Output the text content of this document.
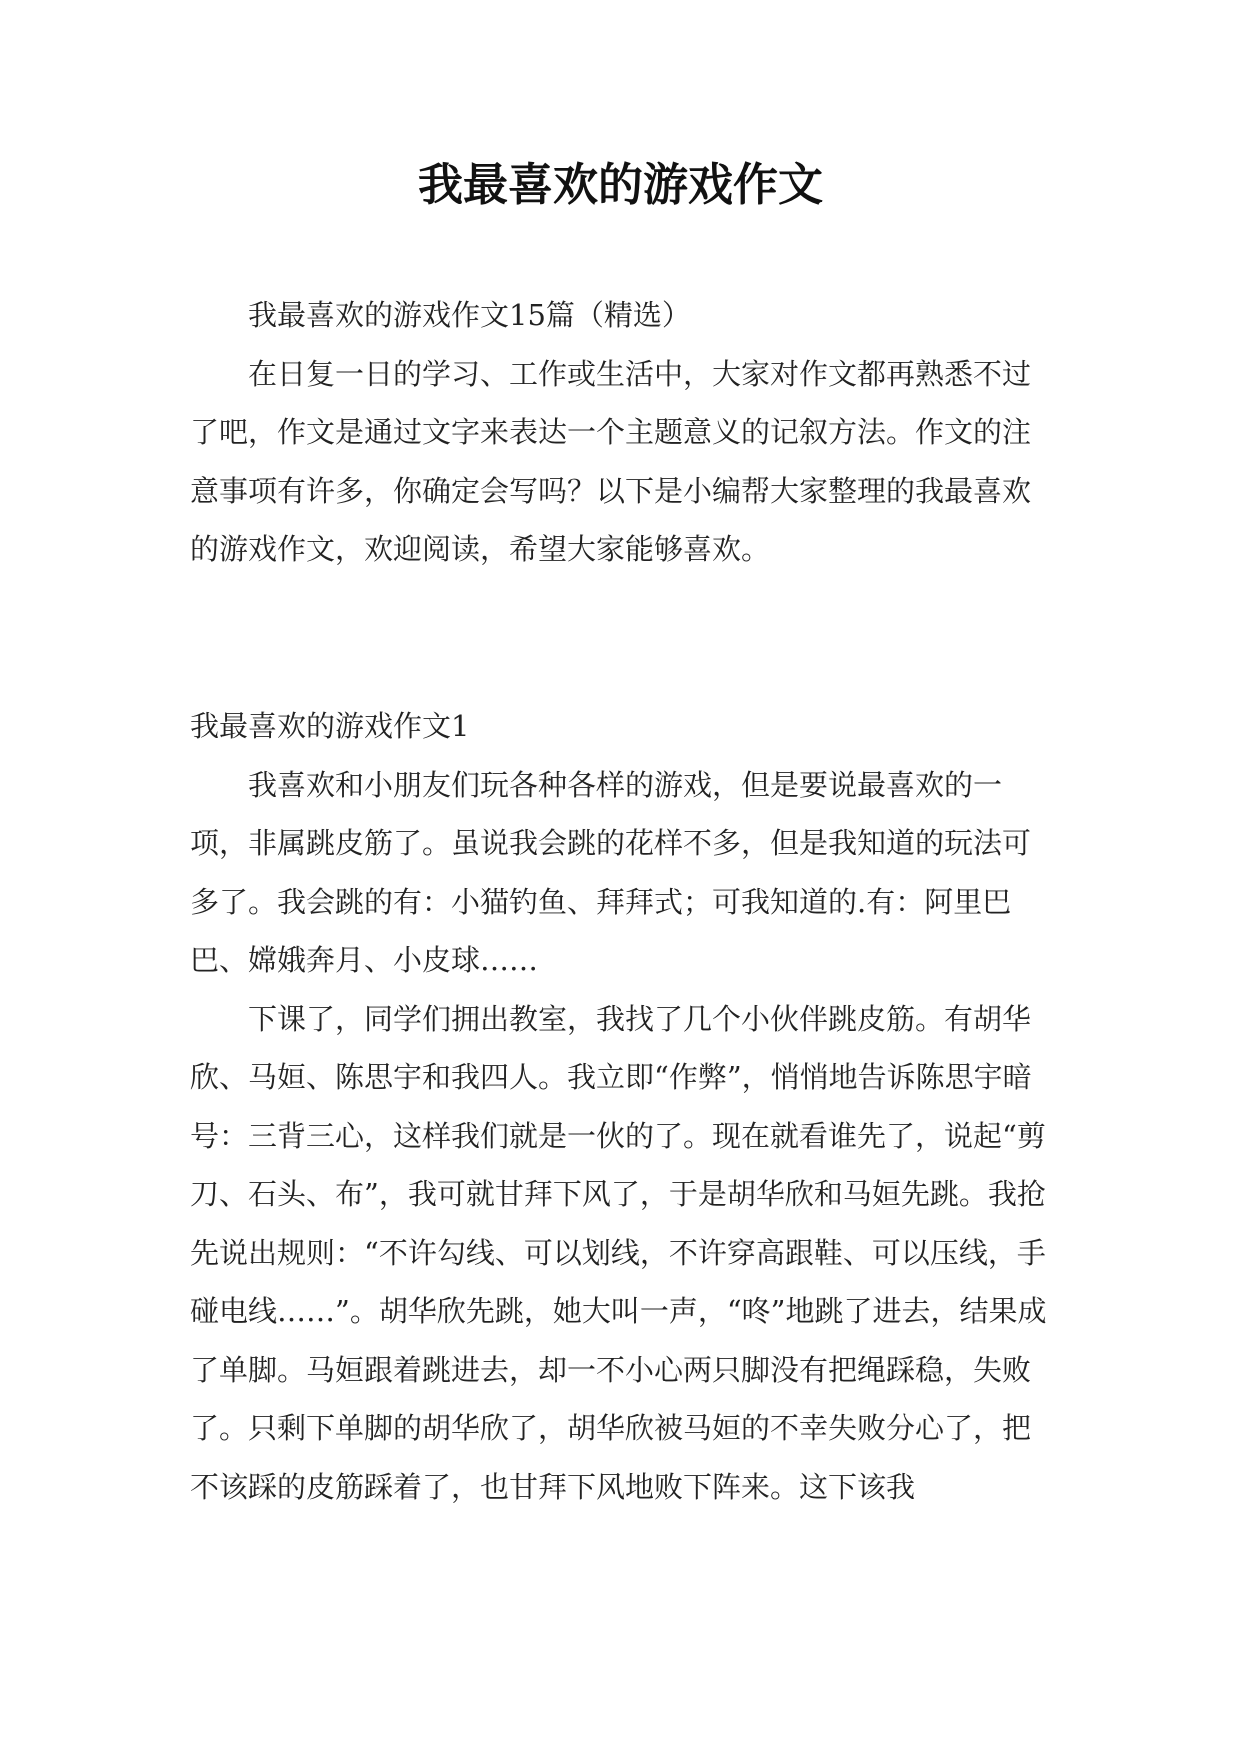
我最喜欢的游戏作文

我最喜欢的游戏作文15篇（精选）

在日复一日的学习、工作或生活中，大家对作文都再熟悉不过了吧，作文是通过文字来表达一个主题意义的记叙方法。作文的注意事项有许多，你确定会写吗？以下是小编帮大家整理的我最喜欢的游戏作文，欢迎阅读，希望大家能够喜欢。

我最喜欢的游戏作文1

我喜欢和小朋友们玩各种各样的游戏，但是要说最喜欢的一项，非属跳皮筋了。虽说我会跳的花样不多，但是我知道的玩法可多了。我会跳的有：小猫钓鱼、拜拜式；可我知道的.有：阿里巴巴、嫦娥奔月、小皮球……

下课了，同学们拥出教室，我找了几个小伙伴跳皮筋。有胡华欣、马姮、陈思宇和我四人。我立即“作弊”，悄悄地告诉陈思宇暗号：三背三心，这样我们就是一伙的了。现在就看谁先了，说起“剪刀、石头、布”，我可就甘拜下风了，于是胡华欣和马姮先跳。我抢先说出规则：“不许勾线、可以划线，不许穿高跟鞋、可以压线，手碰电线……”。胡华欣先跳，她大叫一声，“咚”地跳了进去，结果成了单脚。马姮跟着跳进去，却一不小心两只脚没有把绳踩稳，失败了。只剩下单脚的胡华欣了，胡华欣被马姮的不幸失败分心了，把不该踩的皮筋踩着了，也甘拜下风地败下阵来。这下该我
